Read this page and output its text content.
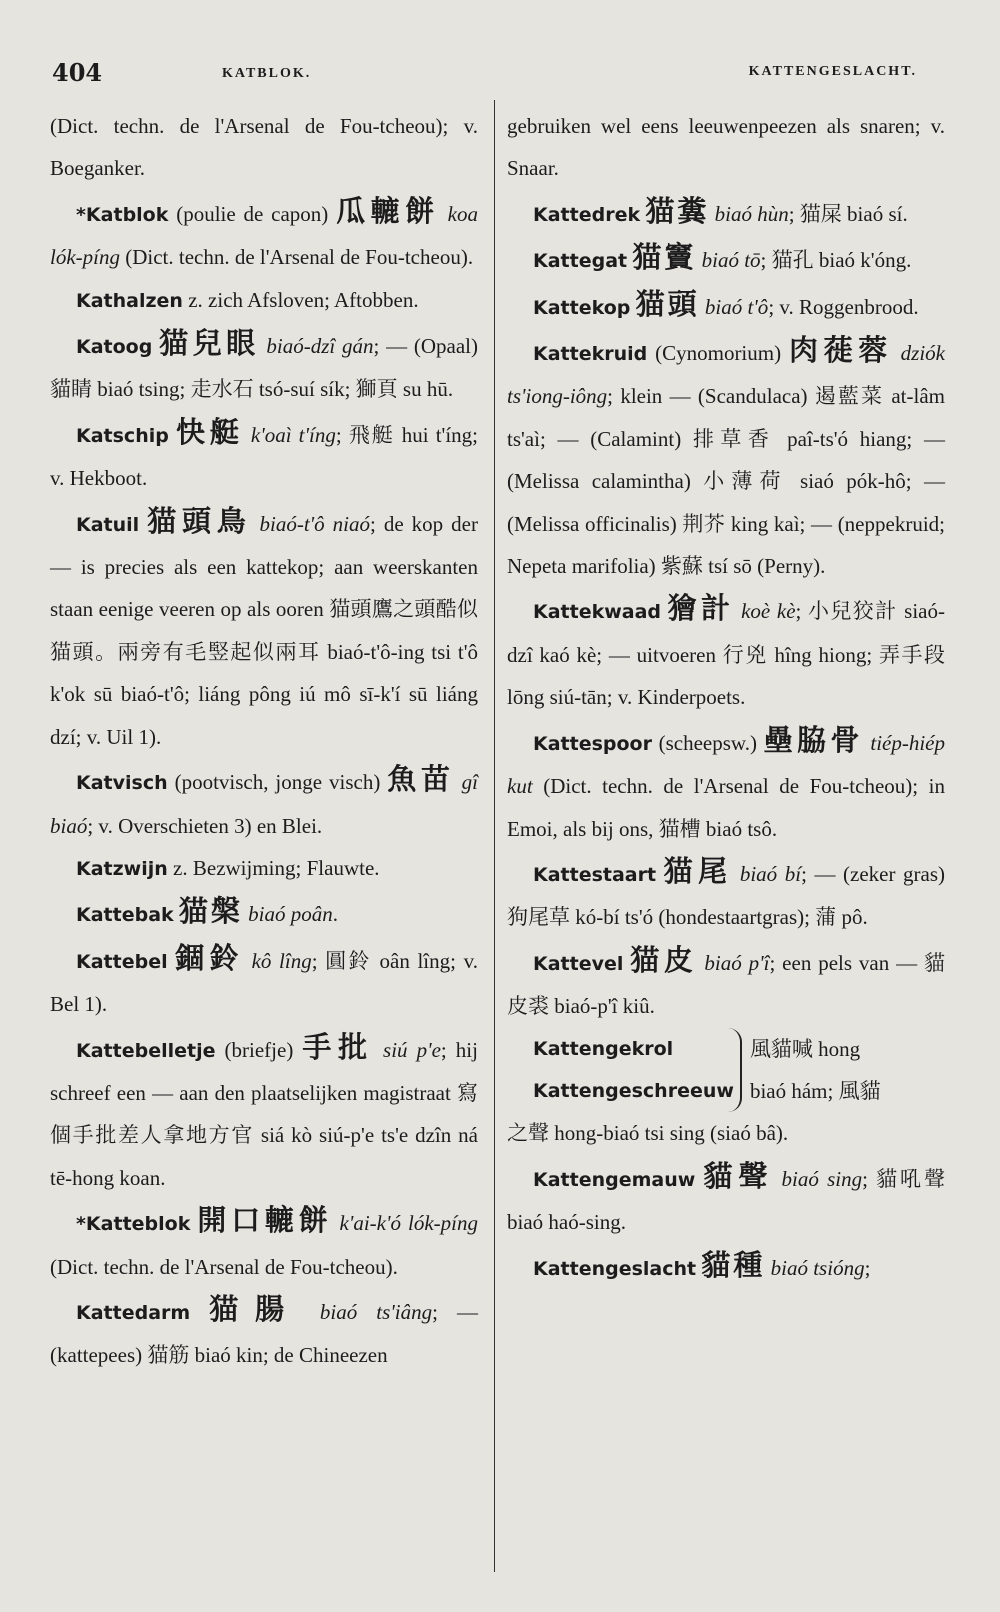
404	KATBLOK.	KATTENGESLACHT.

(Dict. techn. de l'Arsenal de Fou-tcheou); v. Boeganker.

*Katblok (poulie de capon) 瓜轆餅 koa lók-píng (Dict. techn. de l'Arsenal de Fou-tcheou).

Kathalzen z. zich Afsloven; Aftobben.

Katoog 猫兒眼 biaó-dzî gán; — (Opaal) 貓睛 biaó tsing; 走水石 tsó-suí sík; 獅頁 su hū.

Katschip 快艇 k'oaì t'íng; 飛艇 hui t'íng; v. Hekboot.

Katuil 猫頭鳥 biaó-t'ô niaó; de kop der — is precies als een kattekop; aan weerskanten staan eenige veeren op als ooren 猫頭鷹之頭酷似猫頭。兩旁有毛竪起似兩耳 biaó-t'ô-ing tsi t'ô k'ok sū biaó-t'ô; liáng pông iú mô sī-k'í sū liáng dzí; v. Uil 1).

Katvisch (pootvisch, jonge visch) 魚苗 gî biaó; v. Overschieten 3) en Blei.

Katzwijn z. Bezwijming; Flauwte.

Kattebak 猫槃 biaó poân.

Kattebel 錮鈴 kô lîng; 圓鈴 oân lîng; v. Bel 1).

Kattebelletje (briefje) 手批 siú p'e; hij schreef een — aan den plaatselijken magistraat 寫個手批差人拿地方官 siá kò siú-p'e ts'e dzîn ná tē-hong koan.

*Katteblok 開口轆餅 k'ai-k'ó lók-píng (Dict. techn. de l'Arsenal de Fou-tcheou).

Kattedarm 猫腸 biaó ts'iâng; — (kattepees) 猫筋 biaó kin; de Chineezen

gebruiken wel eens leeuwenpeezen als snaren; v. Snaar.

Kattedrek 猫糞 biaó hùn; 猫屎 biaó sí.

Kattegat 猫竇 biaó tō; 猫孔 biaó k'óng.

Kattekop 猫頭 biaó t'ô; v. Roggenbrood.

Kattekruid (Cynomorium) 肉蓰蓉 dziók ts'iong-iông; klein — (Scandulaca) 遏藍菜 at-lâm ts'aì; — (Calamint) 排草香 paî-ts'ó hiang; — (Melissa calamintha) 小薄荷 siaó pók-hô; — (Melissa officinalis) 荆芥 king kaì; — (neppekruid; Nepeta marifolia) 紫蘇 tsí sō (Perny).

Kattekwaad 獪計 koè kè; 小兒狡計 siaó-dzî kaó kè; — uitvoeren 行兇 hîng hiong; 弄手段 lōng siú-tān; v. Kinderpoets.

Kattespoor (scheepsw.) 壘脇骨 tiép-hiép kut (Dict. techn. de l'Arsenal de Fou-tcheou); in Emoi, als bij ons, 猫槽 biaó tsô.

Kattestaart 猫尾 biaó bí; — (zeker gras) 狗尾草 kó-bí ts'ó (hondestaartgras); 蒲 pô.

Kattevel 猫皮 biaó p'î; een pels van — 貓皮裘 biaó-p'î kiû.

Kattengekrol
Kattengeschreeuw
風貓喊 hong
biaó hám; 風貓

之聲 hong-biaó tsi sing (siaó bâ).

Kattengemauw 貓聲 biaó sing; 貓吼聲 biaó haó-sing.

Kattengeslacht 貓種 biaó tsióng;
